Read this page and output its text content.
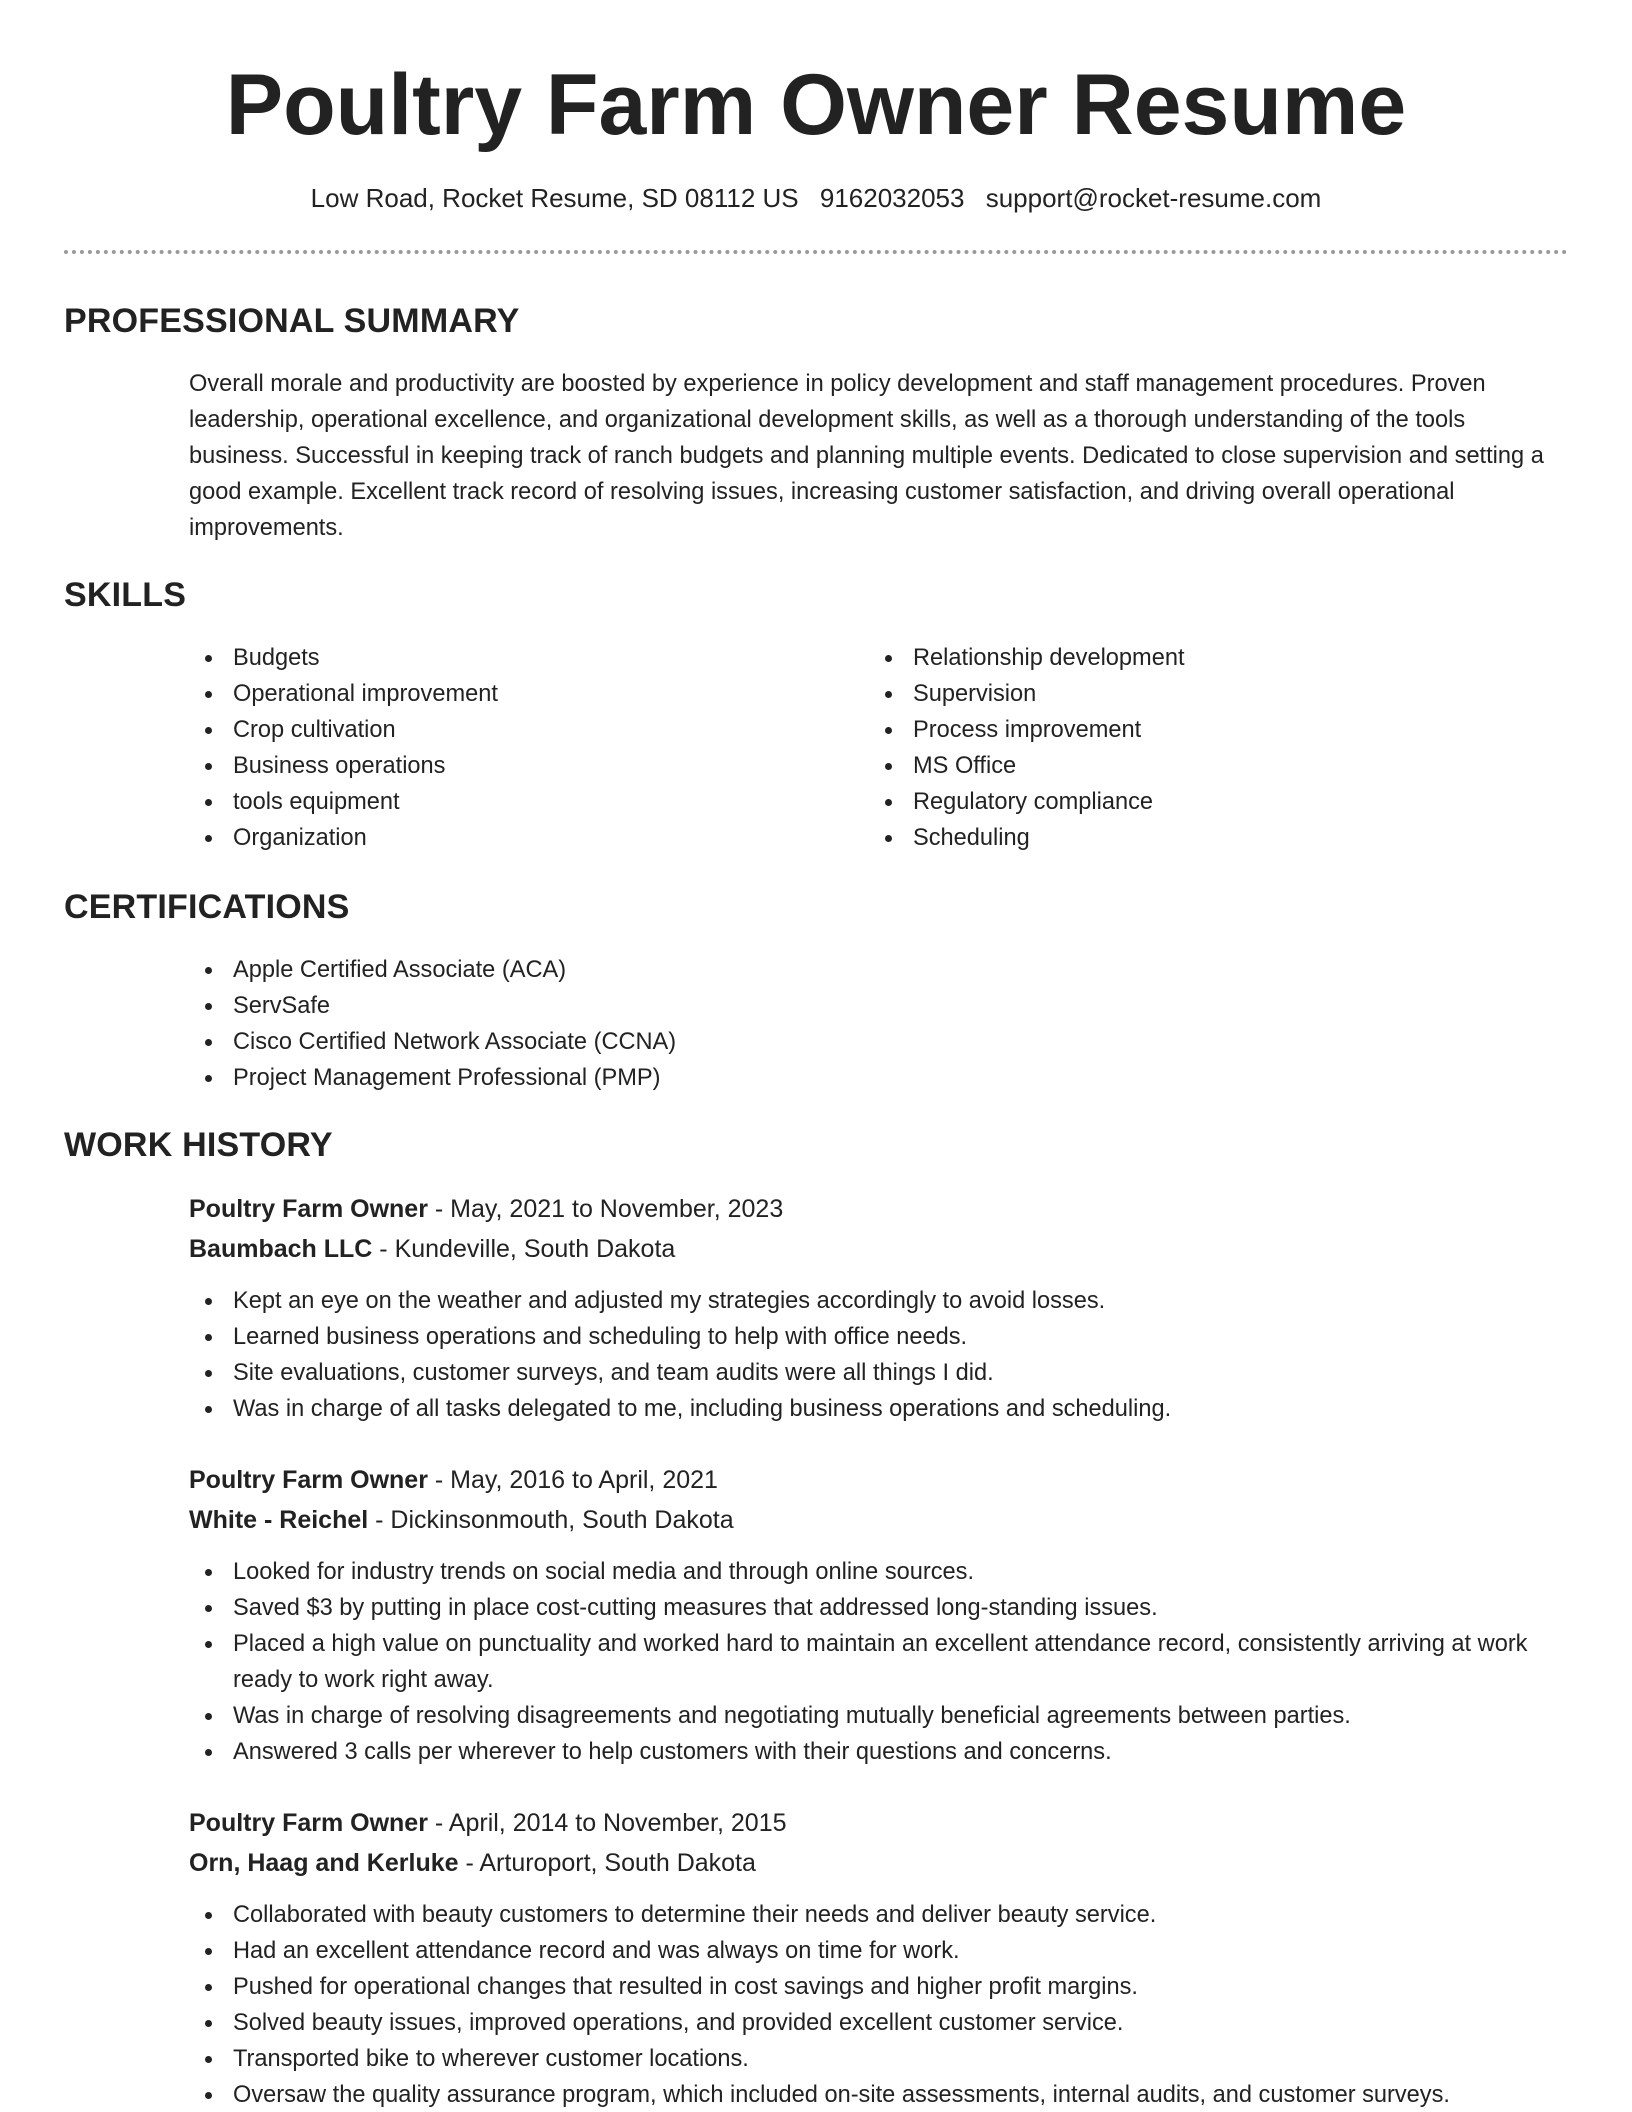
Poultry Farm Owner Resume
Low Road, Rocket Resume, SD 08112 US 9162032053 support@rocket-resume.com
PROFESSIONAL SUMMARY
Overall morale and productivity are boosted by experience in policy development and staff management procedures. Proven leadership, operational excellence, and organizational development skills, as well as a thorough understanding of the tools business. Successful in keeping track of ranch budgets and planning multiple events. Dedicated to close supervision and setting a good example. Excellent track record of resolving issues, increasing customer satisfaction, and driving overall operational improvements.
SKILLS
Budgets
Operational improvement
Crop cultivation
Business operations
tools equipment
Organization
Relationship development
Supervision
Process improvement
MS Office
Regulatory compliance
Scheduling
CERTIFICATIONS
Apple Certified Associate (ACA)
ServSafe
Cisco Certified Network Associate (CCNA)
Project Management Professional (PMP)
WORK HISTORY
Poultry Farm Owner - May, 2021 to November, 2023
Baumbach LLC - Kundeville, South Dakota
Kept an eye on the weather and adjusted my strategies accordingly to avoid losses.
Learned business operations and scheduling to help with office needs.
Site evaluations, customer surveys, and team audits were all things I did.
Was in charge of all tasks delegated to me, including business operations and scheduling.
Poultry Farm Owner - May, 2016 to April, 2021
White - Reichel - Dickinsonmouth, South Dakota
Looked for industry trends on social media and through online sources.
Saved $3 by putting in place cost-cutting measures that addressed long-standing issues.
Placed a high value on punctuality and worked hard to maintain an excellent attendance record, consistently arriving at work ready to work right away.
Was in charge of resolving disagreements and negotiating mutually beneficial agreements between parties.
Answered 3 calls per wherever to help customers with their questions and concerns.
Poultry Farm Owner - April, 2014 to November, 2015
Orn, Haag and Kerluke - Arturoport, South Dakota
Collaborated with beauty customers to determine their needs and deliver beauty service.
Had an excellent attendance record and was always on time for work.
Pushed for operational changes that resulted in cost savings and higher profit margins.
Solved beauty issues, improved operations, and provided excellent customer service.
Transported bike to wherever customer locations.
Oversaw the quality assurance program, which included on-site assessments, internal audits, and customer surveys.
